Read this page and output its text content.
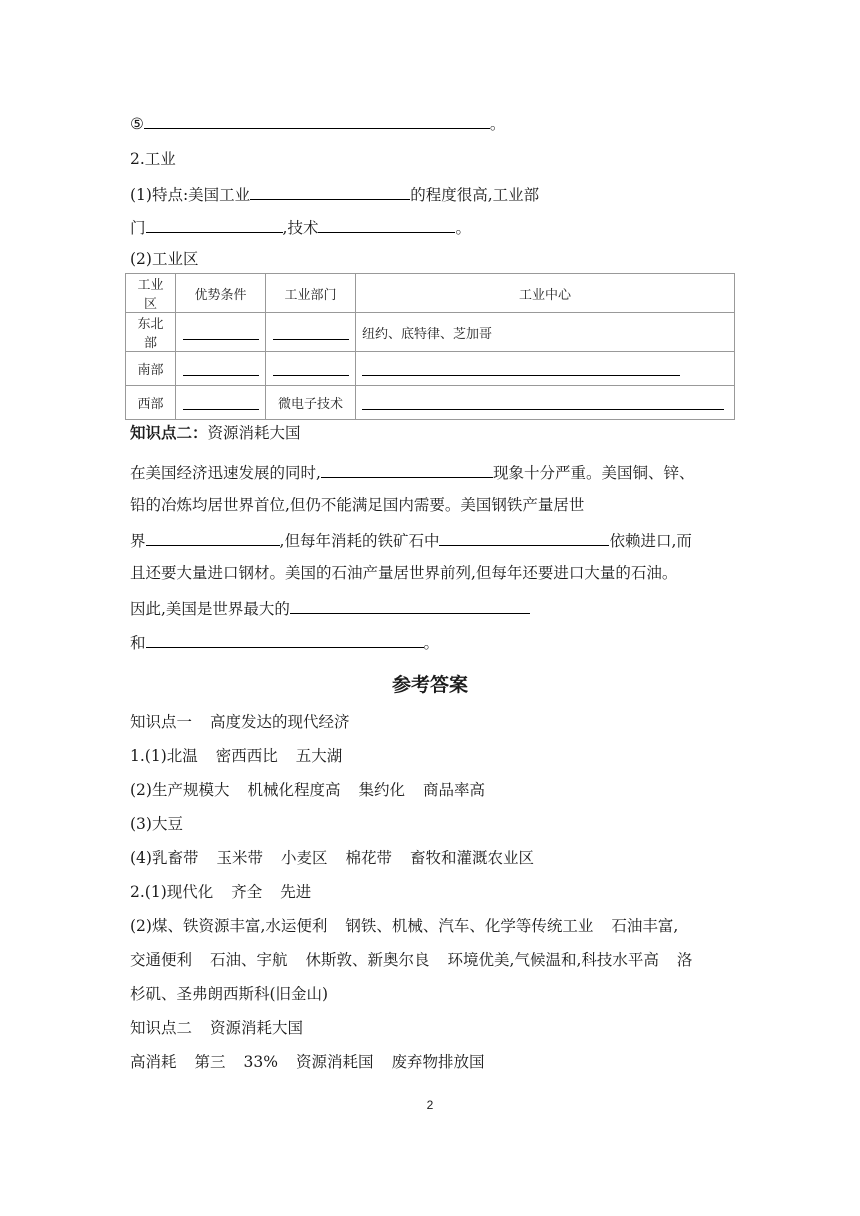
⑤	。
2.工业
(1)特点:美国工业	的程度很高,工业部
门	,技术	。
(2)工业区
工业区	优势条件	工业部门	工业中心
东北部			纽约、底特律、芝加哥
南部			
西部		微电子技术	
知识点二：资源消耗大国
在美国经济迅速发展的同时,	现象十分严重。美国铜、锌、
铅的冶炼均居世界首位,但仍不能满足国内需要。美国钢铁产量居世
界	,但每年消耗的铁矿石中	依赖进口,而
且还要大量进口钢材。美国的石油产量居世界前列,但每年还要进口大量的石油。
因此,美国是世界最大的
和	。
参考答案
知识点一 高度发达的现代经济
1.(1)北温 密西西比 五大湖
(2)生产规模大 机械化程度高 集约化 商品率高
(3)大豆
(4)乳畜带 玉米带 小麦区 棉花带 畜牧和灌溉农业区
2.(1)现代化 齐全 先进
(2)煤、铁资源丰富,水运便利 钢铁、机械、汽车、化学等传统工业 石油丰富,
交通便利 石油、宇航 休斯敦、新奥尔良 环境优美,气候温和,科技水平高 洛
杉矶、圣弗朗西斯科(旧金山)
知识点二 资源消耗大国
高消耗 第三 33% 资源消耗国 废弃物排放国
2
